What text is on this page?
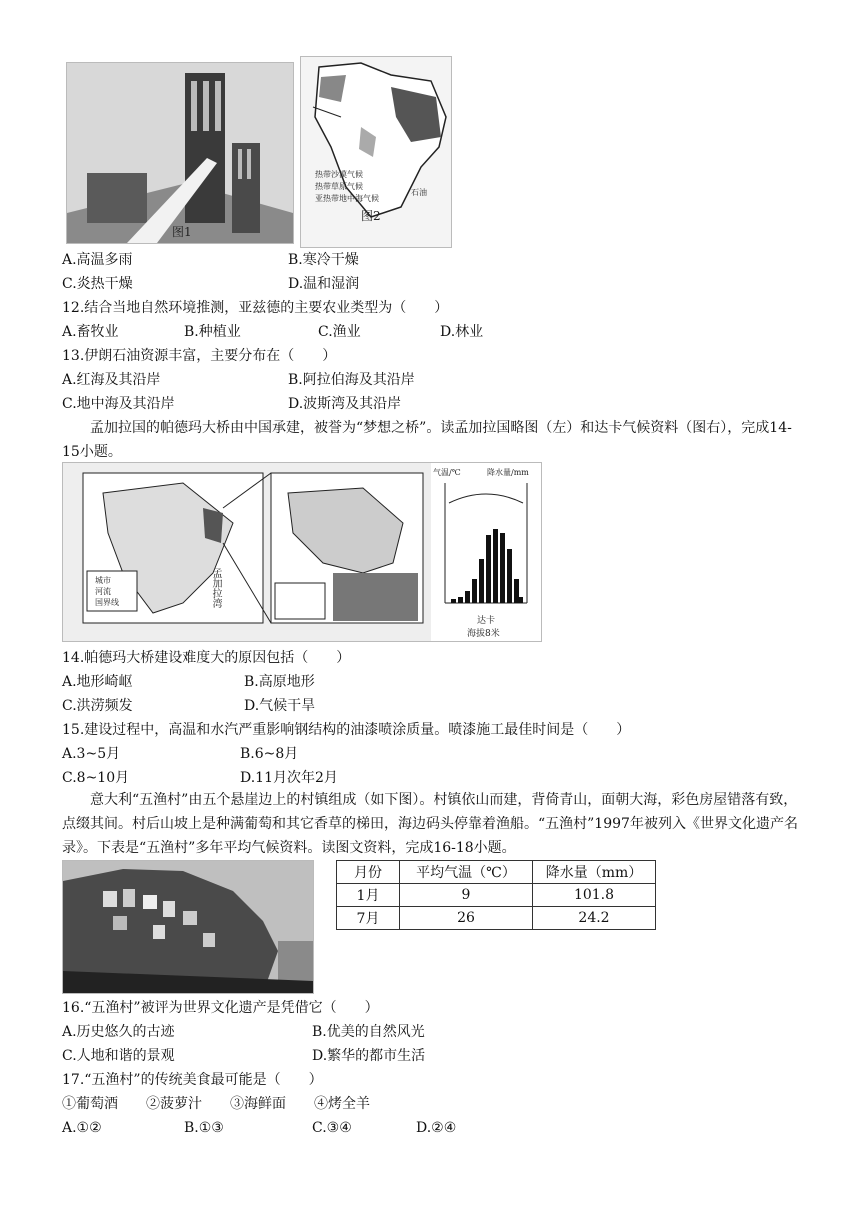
图1
热带沙漠气候
热带草原气候
亚热带地中海气候
石油
图2
A.高温多雨	B.寒冷干燥
C.炎热干燥	D.温和湿润
12.结合当地自然环境推测，亚兹德的主要农业类型为（　　）
A.畜牧业	B.种植业	C.渔业	D.林业
13.伊朗石油资源丰富，主要分布在（　　）
A.红海及其沿岸	B.阿拉伯海及其沿岸
C.地中海及其沿岸	D.波斯湾及其沿岸
孟加拉国的帕德玛大桥由中国承建，被誉为“梦想之桥”。读孟加拉国略图（左）和达卡气候资料（图右），完成14-15小题。
城市
河流
国界线	孟加拉湾
气温/℃	降水量/mm
达卡
海拔8米
14.帕德玛大桥建设难度大的原因包括（　　）
A.地形崎岖	B.高原地形
C.洪涝频发	D.气候干旱
15.建设过程中，高温和水汽严重影响钢结构的油漆喷涂质量。喷漆施工最佳时间是（　　）
A.3~5月	B.6~8月
C.8~10月	D.11月次年2月
意大利“五渔村”由五个悬崖边上的村镇组成（如下图）。村镇依山而建，背倚青山，面朝大海，彩色房屋错落有致，点缀其间。村后山坡上是种满葡萄和其它香草的梯田，海边码头停靠着渔船。“五渔村”1997年被列入《世界文化遗产名录》。下表是“五渔村”多年平均气候资料。读图文资料，完成16-18小题。
月份	平均气温（℃）	降水量（mm）
1月	9	101.8
7月	26	24.2
16.“五渔村”被评为世界文化遗产是凭借它（　　）
A.历史悠久的古迹	B.优美的自然风光
C.人地和谐的景观	D.繁华的都市生活
17.“五渔村”的传统美食最可能是（　　）
①葡萄酒　　②菠萝汁　　③海鲜面　　④烤全羊
A.①②	B.①③	C.③④	D.②④
